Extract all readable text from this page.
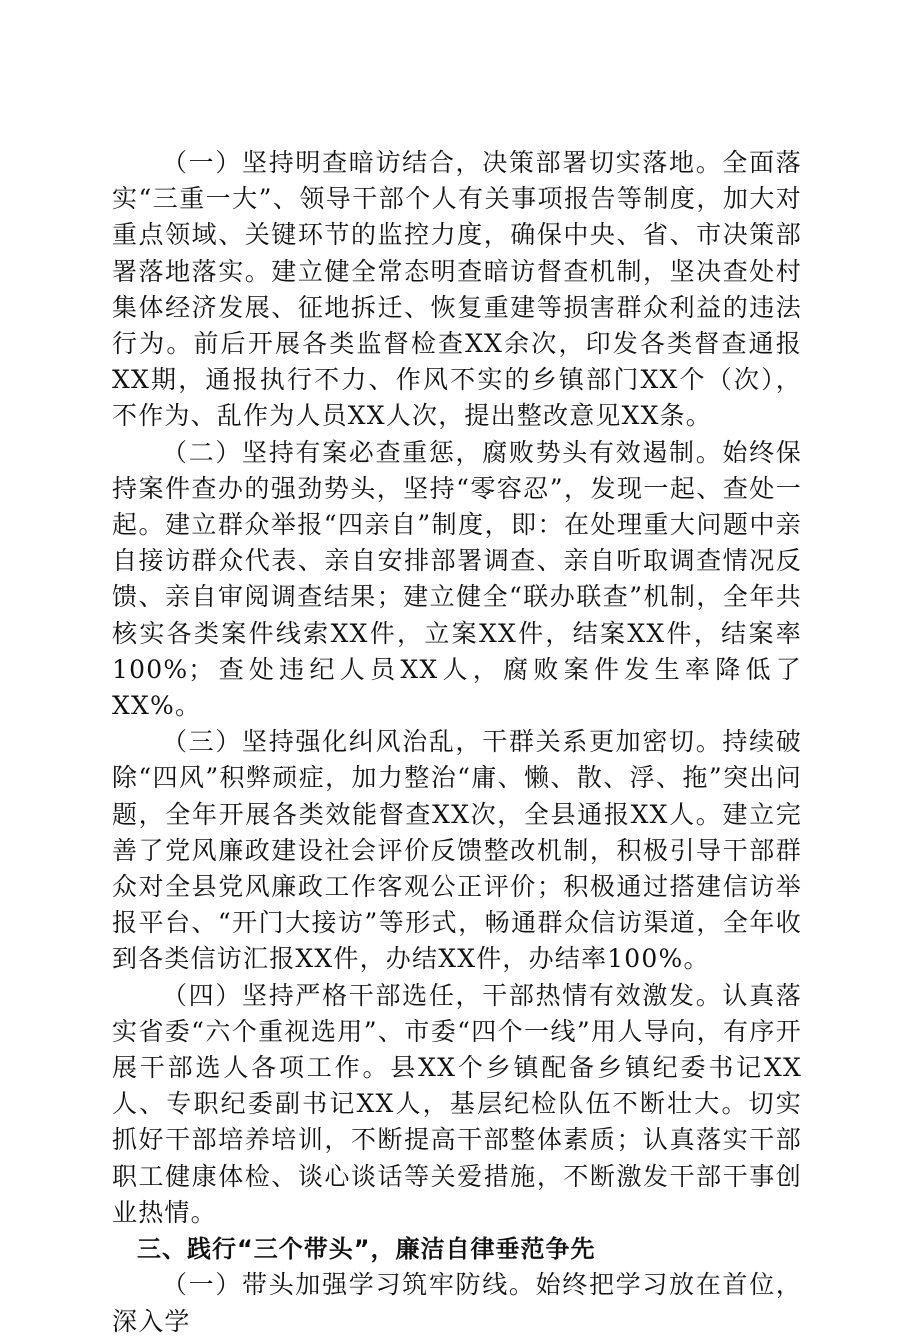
（一）坚持明查暗访结合，决策部署切实落地。全面落实“三重一大”、领导干部个人有关事项报告等制度，加大对重点领域、关键环节的监控力度，确保中央、省、市决策部署落地落实。建立健全常态明查暗访督查机制，坚决查处村集体经济发展、征地拆迁、恢复重建等损害群众利益的违法行为。前后开展各类监督检查XX余次，印发各类督查通报XX期，通报执行不力、作风不实的乡镇部门XX个（次），不作为、乱作为人员XX人次，提出整改意见XX条。

（二）坚持有案必查重惩，腐败势头有效遏制。始终保持案件查办的强劲势头，坚持“零容忍”，发现一起、查处一起。建立群众举报“四亲自”制度，即：在处理重大问题中亲自接访群众代表、亲自安排部署调查、亲自听取调查情况反馈、亲自审阅调查结果；建立健全“联办联查”机制，全年共核实各类案件线索XX件，立案XX件，结案XX件，结案率100%；查处违纪人员XX人，腐败案件发生率降低了XX%。

（三）坚持强化纠风治乱，干群关系更加密切。持续破除“四风”积弊顽症，加力整治“庸、懒、散、浮、拖”突出问题，全年开展各类效能督查XX次，全县通报XX人。建立完善了党风廉政建设社会评价反馈整改机制，积极引导干部群众对全县党风廉政工作客观公正评价；积极通过搭建信访举报平台、“开门大接访”等形式，畅通群众信访渠道，全年收到各类信访汇报XX件，办结XX件，办结率100%。

（四）坚持严格干部选任，干部热情有效激发。认真落实省委“六个重视选用”、市委“四个一线”用人导向，有序开展干部选人各项工作。县XX个乡镇配备乡镇纪委书记XX人、专职纪委副书记XX人，基层纪检队伍不断壮大。切实抓好干部培养培训，不断提高干部整体素质；认真落实干部职工健康体检、谈心谈话等关爱措施，不断激发干部干事创业热情。

三、践行“三个带头”，廉洁自律垂范争先

（一）带头加强学习筑牢防线。始终把学习放在首位，深入学
